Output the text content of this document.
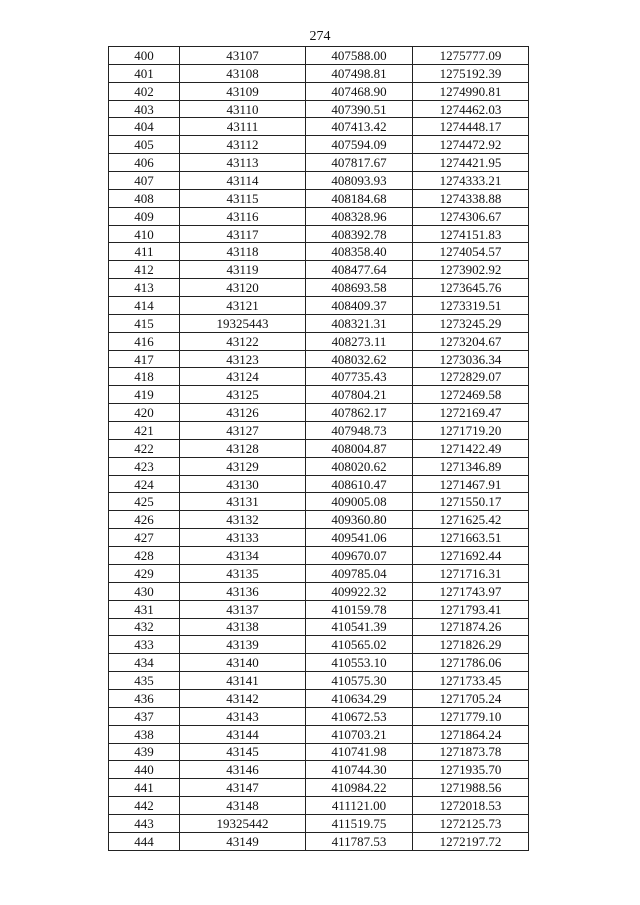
274
400	43107	407588.00	1275777.09
401	43108	407498.81	1275192.39
402	43109	407468.90	1274990.81
403	43110	407390.51	1274462.03
404	43111	407413.42	1274448.17
405	43112	407594.09	1274472.92
406	43113	407817.67	1274421.95
407	43114	408093.93	1274333.21
408	43115	408184.68	1274338.88
409	43116	408328.96	1274306.67
410	43117	408392.78	1274151.83
411	43118	408358.40	1274054.57
412	43119	408477.64	1273902.92
413	43120	408693.58	1273645.76
414	43121	408409.37	1273319.51
415	19325443	408321.31	1273245.29
416	43122	408273.11	1273204.67
417	43123	408032.62	1273036.34
418	43124	407735.43	1272829.07
419	43125	407804.21	1272469.58
420	43126	407862.17	1272169.47
421	43127	407948.73	1271719.20
422	43128	408004.87	1271422.49
423	43129	408020.62	1271346.89
424	43130	408610.47	1271467.91
425	43131	409005.08	1271550.17
426	43132	409360.80	1271625.42
427	43133	409541.06	1271663.51
428	43134	409670.07	1271692.44
429	43135	409785.04	1271716.31
430	43136	409922.32	1271743.97
431	43137	410159.78	1271793.41
432	43138	410541.39	1271874.26
433	43139	410565.02	1271826.29
434	43140	410553.10	1271786.06
435	43141	410575.30	1271733.45
436	43142	410634.29	1271705.24
437	43143	410672.53	1271779.10
438	43144	410703.21	1271864.24
439	43145	410741.98	1271873.78
440	43146	410744.30	1271935.70
441	43147	410984.22	1271988.56
442	43148	411121.00	1272018.53
443	19325442	411519.75	1272125.73
444	43149	411787.53	1272197.72
